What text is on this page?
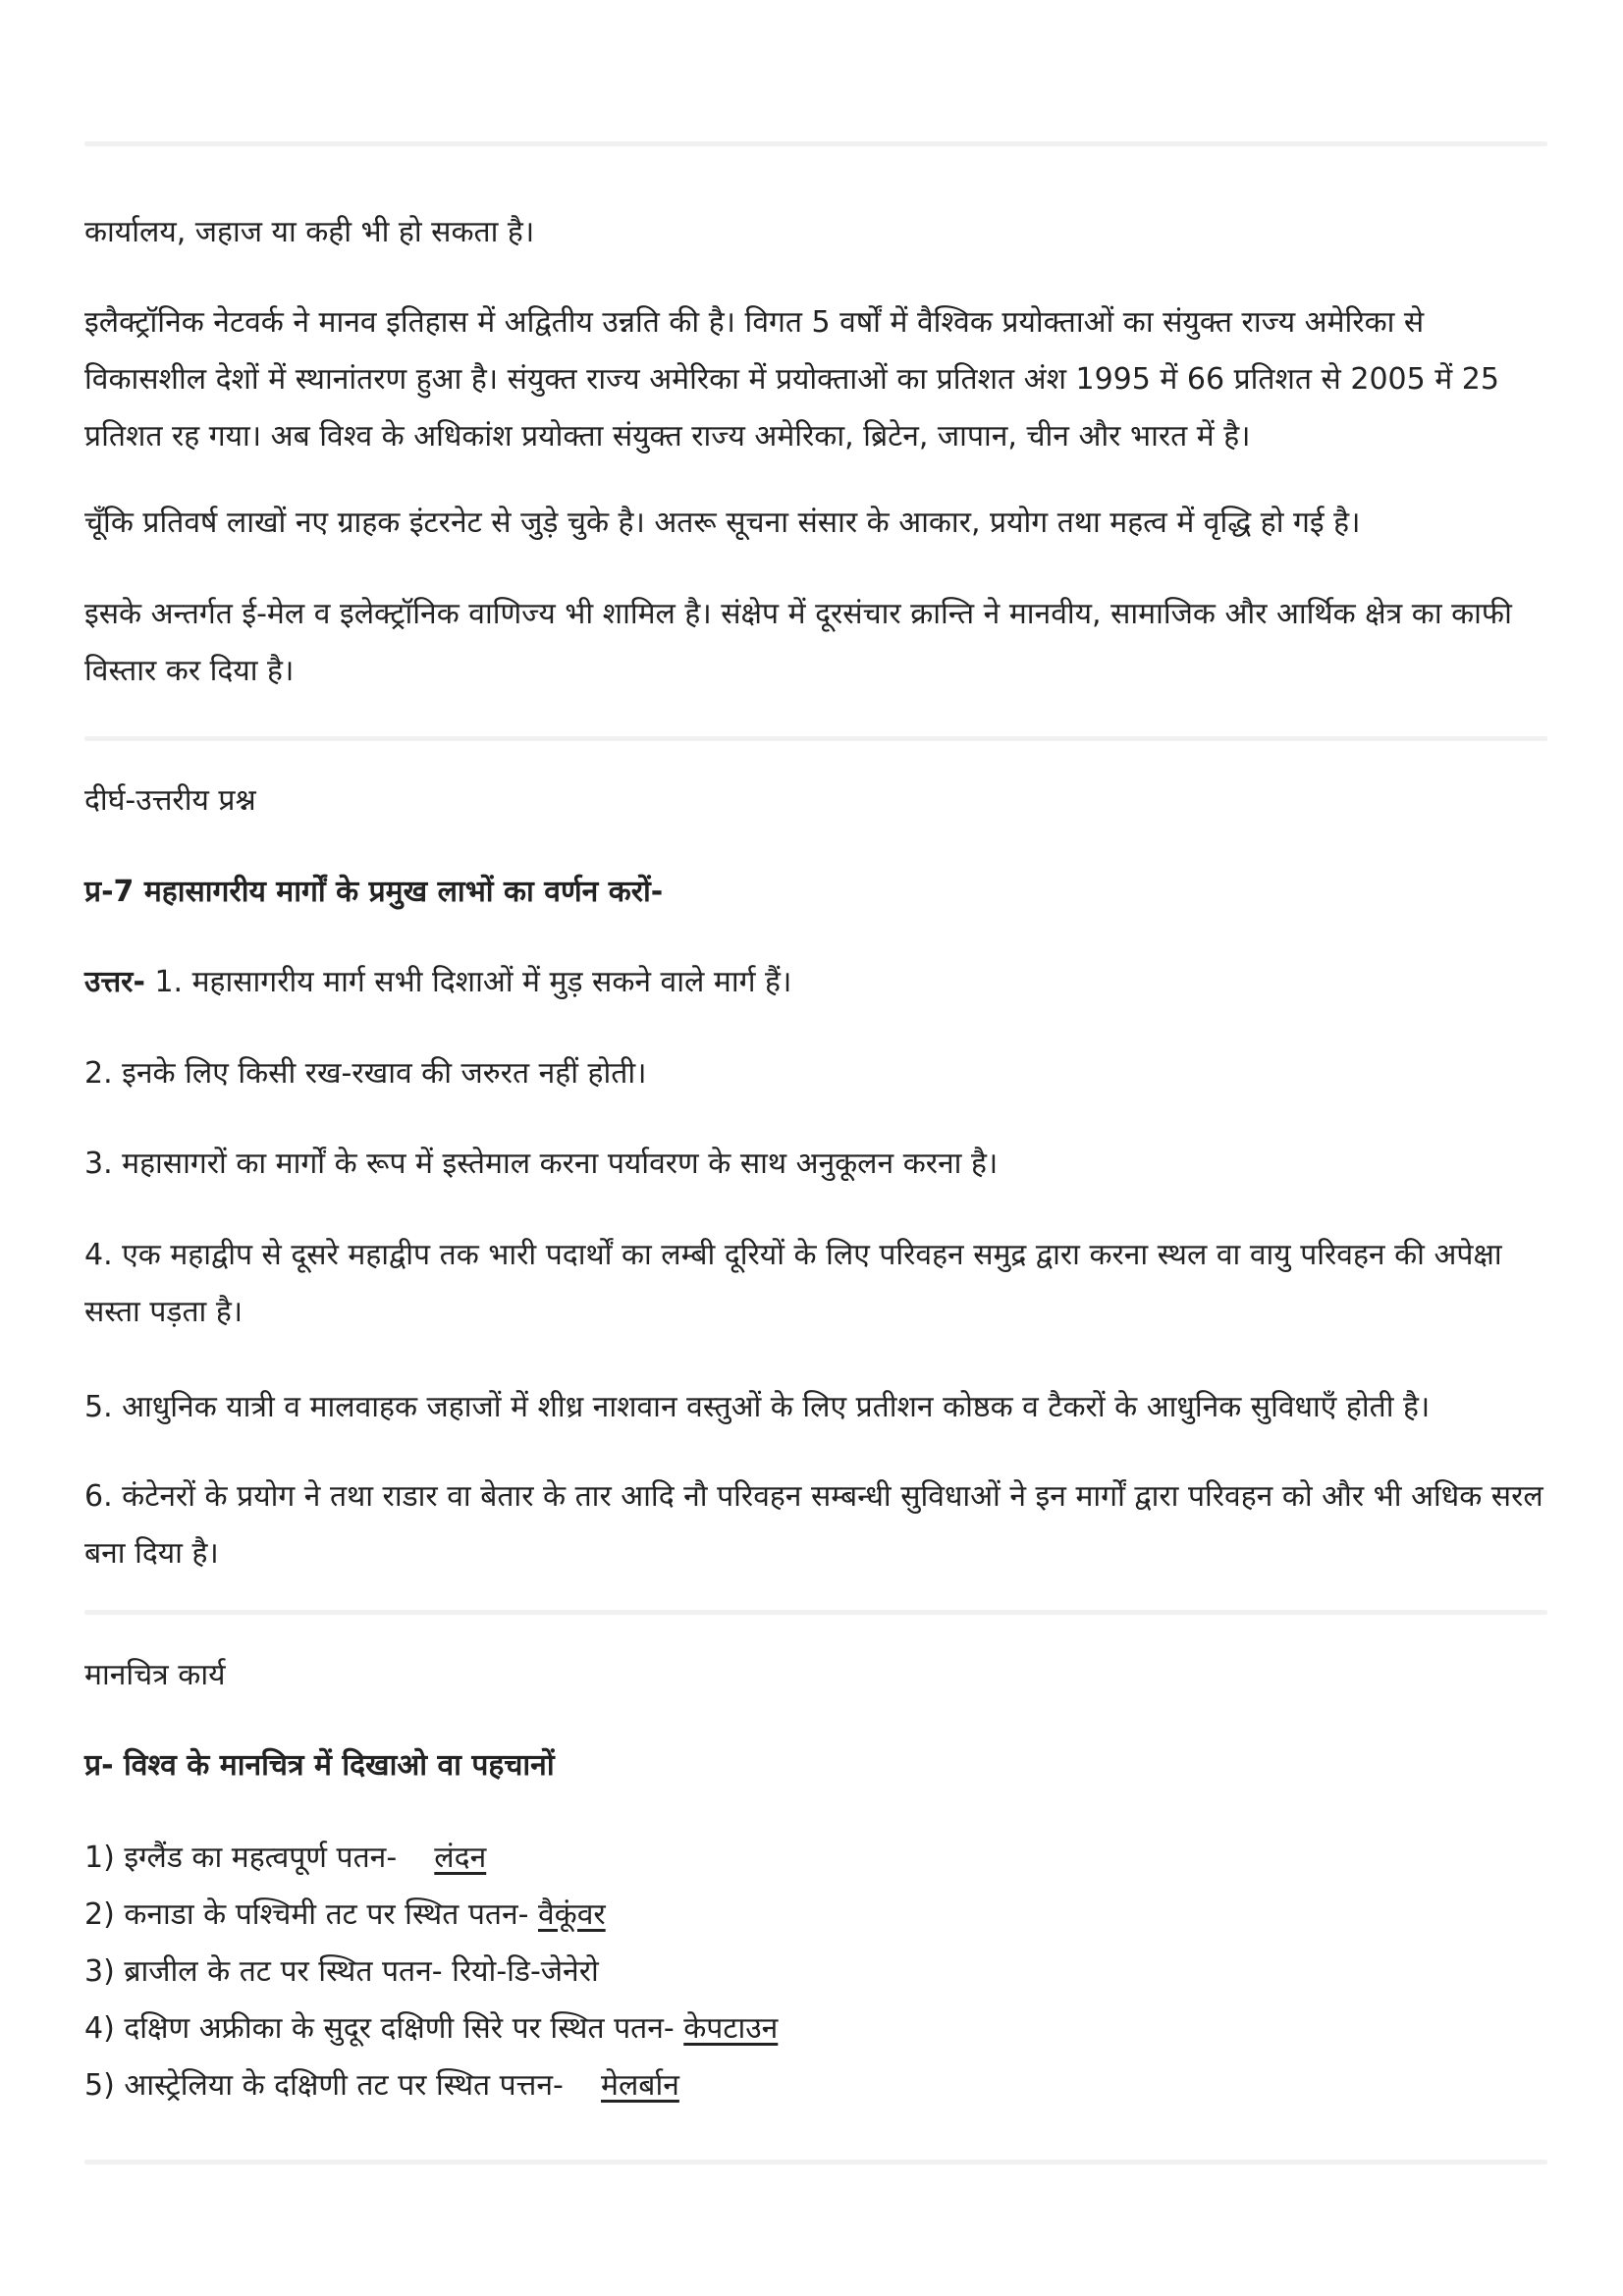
कार्यालय, जहाज या कही भी हो सकता है।

इलैक्ट्रॉनिक नेटवर्क ने मानव इतिहास में अद्वितीय उन्नति की है। विगत 5 वर्षों में वैश्विक प्रयोक्ताओं का संयुक्त राज्य अमेरिका से विकासशील देशों में स्थानांतरण हुआ है। संयुक्त राज्य अमेरिका में प्रयोक्ताओं का प्रतिशत अंश 1995 में 66 प्रतिशत से 2005 में 25 प्रतिशत रह गया। अब विश्व के अधिकांश प्रयोक्ता संयुक्त राज्य अमेरिका, ब्रिटेन, जापान, चीन और भारत में है।

चूँकि प्रतिवर्ष लाखों नए ग्राहक इंटरनेट से जुड़े चुके है। अतरू सूचना संसार के आकार, प्रयोग तथा महत्व में वृद्धि हो गई है।

इसके अन्तर्गत ई-मेल व इलेक्ट्रॉनिक वाणिज्य भी शामिल है। संक्षेप में दूरसंचार क्रान्ति ने मानवीय, सामाजिक और आर्थिक क्षेत्र का काफी विस्तार कर दिया है।

दीर्घ-उत्तरीय प्रश्न

प्र-7 महासागरीय मार्गों के प्रमुख लाभों का वर्णन करों-

उत्तर- 1. महासागरीय मार्ग सभी दिशाओं में मुड़ सकने वाले मार्ग हैं।

2. इनके लिए किसी रख-रखाव की जरुरत नहीं होती।

3. महासागरों का मार्गों के रूप में इस्तेमाल करना पर्यावरण के साथ अनुकूलन करना है।

4. एक महाद्वीप से दूसरे महाद्वीप तक भारी पदार्थों का लम्बी दूरियों के लिए परिवहन समुद्र द्वारा करना स्थल वा वायु परिवहन की अपेक्षा सस्ता पड़ता है।

5. आधुनिक यात्री व मालवाहक जहाजों में शीध्र नाशवान वस्तुओं के लिए प्रतीशन कोष्ठक व टैकरों के आधुनिक सुविधाएँ होती है।

6. कंटेनरों के प्रयोग ने तथा राडार वा बेतार के तार आदि नौ परिवहन सम्बन्धी सुविधाओं ने इन मार्गों द्वारा परिवहन को और भी अधिक सरल बना दिया है।

मानचित्र कार्य

प्र- विश्व के मानचित्र में दिखाओ वा पहचानों

1) इग्लैंड का महत्वपूर्ण पतन- लंदन

2) कनाडा के पश्चिमी तट पर स्थित पतन- वैकूंवर

3) ब्राजील के तट पर स्थित पतन- रियो-डि-जेनेरो

4) दक्षिण अफ्रीका के सुदूर दक्षिणी सिरे पर स्थित पतन- केपटाउन

5) आस्ट्रेलिया के दक्षिणी तट पर स्थित पत्तन- मेलर्बान
